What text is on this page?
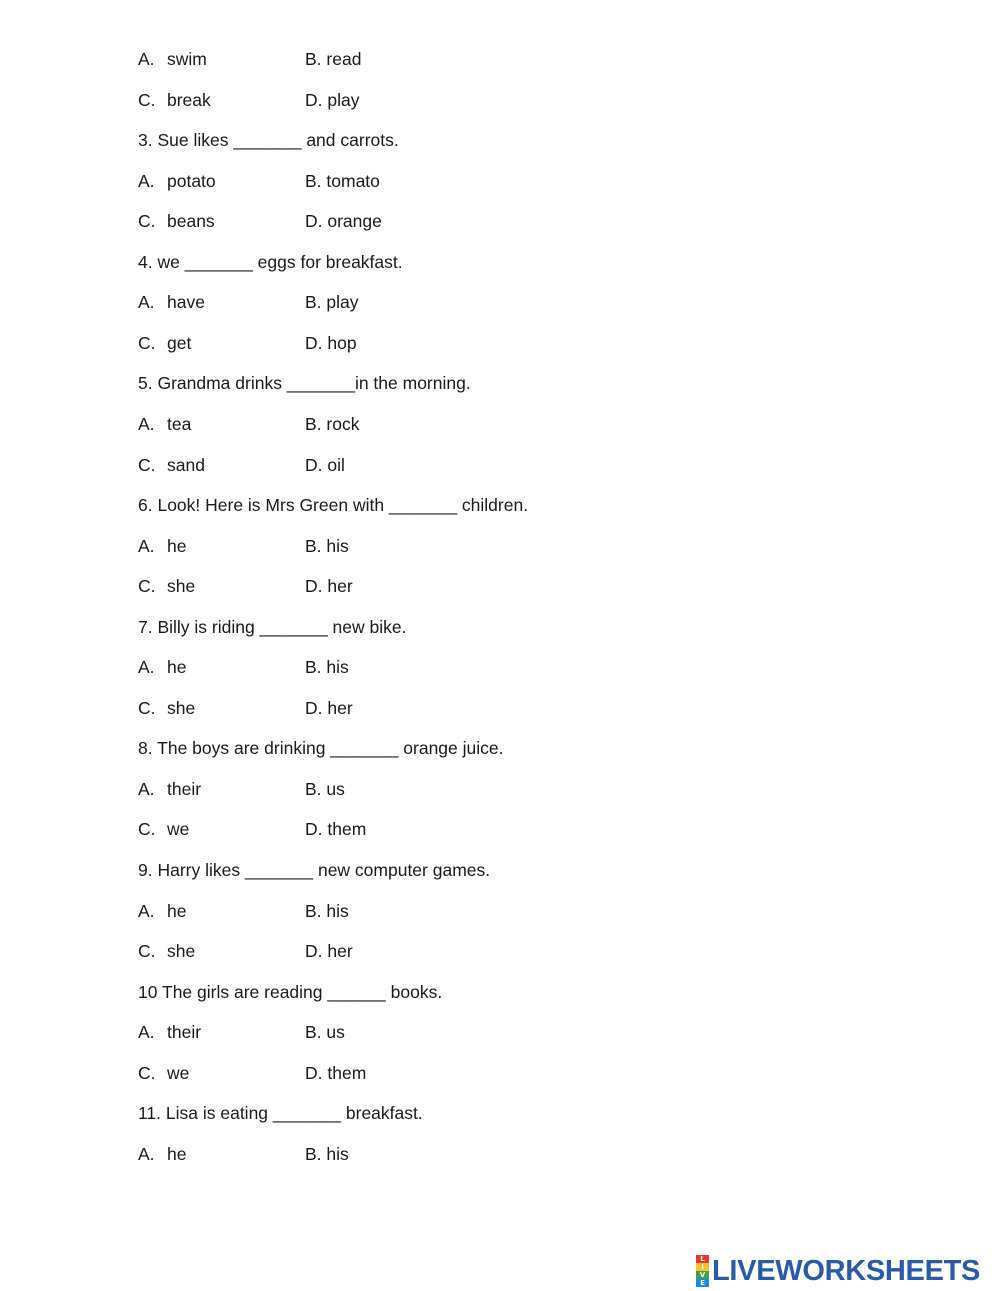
A. swim	B. read
C. break	D. play
3. Sue likes _______ and carrots.
A. potato	B. tomato
C. beans	D. orange
4. we _______ eggs for breakfast.
A. have	B. play
C. get	D. hop
5. Grandma drinks _______in the morning.
A. tea	B. rock
C. sand	D. oil
6. Look! Here is Mrs Green with _______ children.
A. he	B. his
C. she	D. her
7. Billy is riding _______ new bike.
A. he	B. his
C. she	D. her
8. The boys are drinking _______ orange juice.
A. their	B. us
C. we	D. them
9. Harry likes _______ new computer games.
A. he	B. his
C. she	D. her
10 The girls are reading ______ books.
A. their	B. us
C. we	D. them
11. Lisa is eating _______ breakfast.
A. he	B. his
L
I
V
E LIVEWORKSHEETS
